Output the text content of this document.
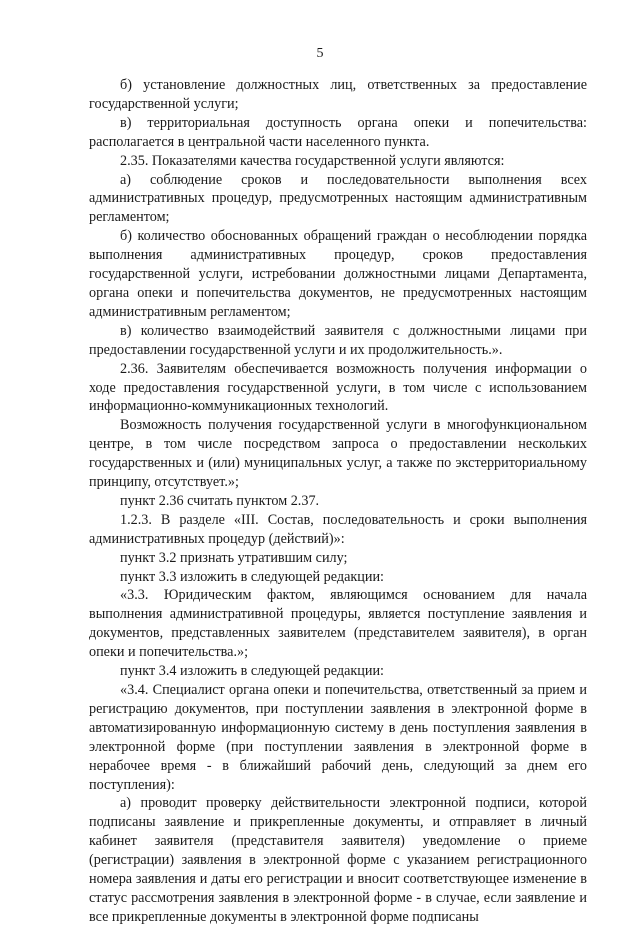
5

б) установление должностных лиц, ответственных за предоставление государственной услуги;

в) территориальная доступность органа опеки и попечительства: располагается в центральной части населенного пункта.

2.35. Показателями качества государственной услуги являются:

а) соблюдение сроков и последовательности выполнения всех административных процедур, предусмотренных настоящим административным регламентом;

б) количество обоснованных обращений граждан о несоблюдении порядка выполнения административных процедур, сроков предоставления государственной услуги, истребовании должностными лицами Департамента, органа опеки и попечительства документов, не предусмотренных настоящим административным регламентом;

в) количество взаимодействий заявителя с должностными лицами при предоставлении государственной услуги и их продолжительность.».

2.36. Заявителям обеспечивается возможность получения информации о ходе предоставления государственной услуги, в том числе с использованием информационно-коммуникационных технологий.

Возможность получения государственной услуги в многофункциональном центре, в том числе посредством запроса о предоставлении нескольких государственных и (или) муниципальных услуг, а также по экстерриториальному принципу, отсутствует.»;

пункт 2.36 считать пунктом 2.37.

1.2.3. В разделе «III. Состав, последовательность и сроки выполнения административных процедур (действий)»:

пункт 3.2 признать утратившим силу;

пункт 3.3 изложить в следующей редакции:

«3.3. Юридическим фактом, являющимся основанием для начала выполнения административной процедуры, является поступление заявления и документов, представленных заявителем (представителем заявителя), в орган опеки и попечительства.»;

пункт 3.4 изложить в следующей редакции:

«3.4. Специалист органа опеки и попечительства, ответственный за прием и регистрацию документов, при поступлении заявления в электронной форме в автоматизированную информационную систему в день поступления заявления в электронной форме (при поступлении заявления в электронной форме в нерабочее время - в ближайший рабочий день, следующий за днем его поступления):

а) проводит проверку действительности электронной подписи, которой подписаны заявление и прикрепленные документы, и отправляет в личный кабинет заявителя (представителя заявителя) уведомление о приеме (регистрации) заявления в электронной форме с указанием регистрационного номера заявления и даты его регистрации и вносит соответствующее изменение в статус рассмотрения заявления в электронной форме - в случае, если заявление и все прикрепленные документы в электронной форме подписаны
